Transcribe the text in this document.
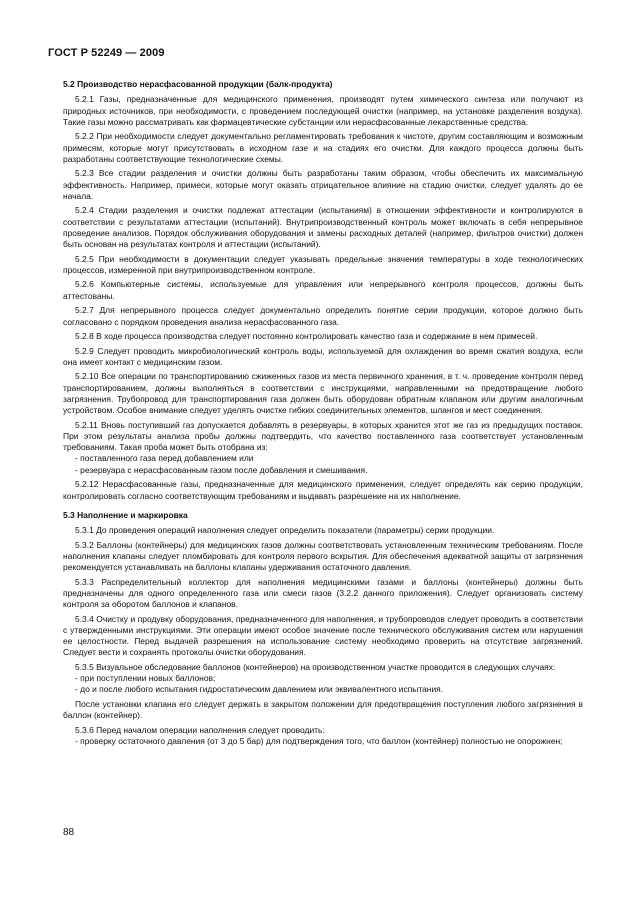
ГОСТ Р 52249 — 2009
5.2 Производство нерасфасованной продукции (балк-продукта)

5.2.1 Газы, предназначенные для медицинского применения, производят путем химического синтеза или получают из природных источников, при необходимости, с проведением последующей очистки (например, на установке разделения воздуха). Такие газы можно рассматривать как фармацевтические субстанции или нерасфасованные лекарственные средства.

5.2.2 При необходимости следует документально регламентировать требования к чистоте, другим составляющим и возможным примесям, которые могут присутствовать в исходном газе и на стадиях его очистки. Для каждого процесса должны быть разработаны соответствующие технологические схемы.

5.2.3 Все стадии разделения и очистки должны быть разработаны таким образом, чтобы обеспечить их максимальную эффективность. Например, примеси, которые могут оказать отрицательное влияние на стадию очистки, следует удалять до ее начала.

5.2.4 Стадии разделения и очистки подлежат аттестации (испытаниям) в отношении эффективности и контролируются в соответствии с результатами аттестации (испытаний). Внутрипроизводственный контроль может включать в себя непрерывное проведение анализов. Порядок обслуживания оборудования и замены расходных деталей (например, фильтров очистки) должен быть основан на результатах контроля и аттестации (испытаний).

5.2.5 При необходимости в документации следует указывать предельные значения температуры в ходе технологических процессов, измеренной при внутрипроизводственном контроле.

5.2.6 Компьютерные системы, используемые для управления или непрерывного контроля процессов, должны быть аттестованы.

5.2.7 Для непрерывного процесса следует документально определить понятие серии продукции, которое должно быть согласовано с порядком проведения анализа нерасфасованного газа.

5.2.8 В ходе процесса производства следует постоянно контролировать качество газа и содержание в нем примесей.

5.2.9 Следует проводить микробиологический контроль воды, используемой для охлаждения во время сжатия воздуха, если она имеет контакт с медицинским газом.

5.2.10 Все операции по транспортированию сжиженных газов из места первичного хранения, в т. ч. проведение контроля перед транспортированием, должны выполняться в соответствии с инструкциями, направленными на предотвращение любого загрязнения. Трубопровод для транспортирования газа должен быть оборудован обратным клапаном или другим аналогичным устройством. Особое внимание следует уделять очистке гибких соединительных элементов, шлангов и мест соединения.

5.2.11 Вновь поступивший газ допускается добавлять в резервуары, в которых хранится этот же газ из предыдущих поставок. При этом результаты анализа пробы должны подтвердить, что качество поставленного газа соответствует установленным требованиям. Такая проба может быть отобрана из:

- поставленного газа перед добавлением или

- резервуара с нерасфасованным газом после добавления и смешивания.

5.2.12 Нерасфасованные газы, предназначенные для медицинского применения, следует определять как серию продукции, контролировать согласно соответствующим требованиям и выдавать разрешение на их наполнение.

5.3 Наполнение и маркировка

5.3.1 До проведения операций наполнения следует определить показатели (параметры) серии продукции.

5.3.2 Баллоны (контейнеры) для медицинских газов должны соответствовать установленным техническим требованиям. После наполнения клапаны следует пломбировать для контроля первого вскрытия. Для обеспечения адекватной защиты от загрязнения рекомендуется устанавливать на баллоны клапаны удерживания остаточного давления.

5.3.3 Распределительный коллектор для наполнения медицинскими газами и баллоны (контейнеры) должны быть предназначены для одного определенного газа или смеси газов (3.2.2 данного приложения). Следует организовать систему контроля за оборотом баллонов и клапанов.

5.3.4 Очистку и продувку оборудования, предназначенного для наполнения, и трубопроводов следует проводить в соответствии с утвержденными инструкциями. Эти операции имеют особое значение после технического обслуживания систем или нарушения ее целостности. Перед выдачей разрешения на использование систему необходимо проверить на отсутствие загрязнений. Следует вести и сохранять протоколы очистки оборудования.

5.3.5 Визуальное обследование баллонов (контейнеров) на производственном участке проводится в следующих случаях:

- при поступлении новых баллонов;

- до и после любого испытания гидростатическим давлением или эквивалентного испытания.

После установки клапана его следует держать в закрытом положении для предотвращения поступления любого загрязнения в баллон (контейнер).

5.3.6 Перед началом операции наполнения следует проводить:

- проверку остаточного давления (от 3 до 5 бар) для подтверждения того, что баллон (контейнер) полностью не опорожнен;

88
